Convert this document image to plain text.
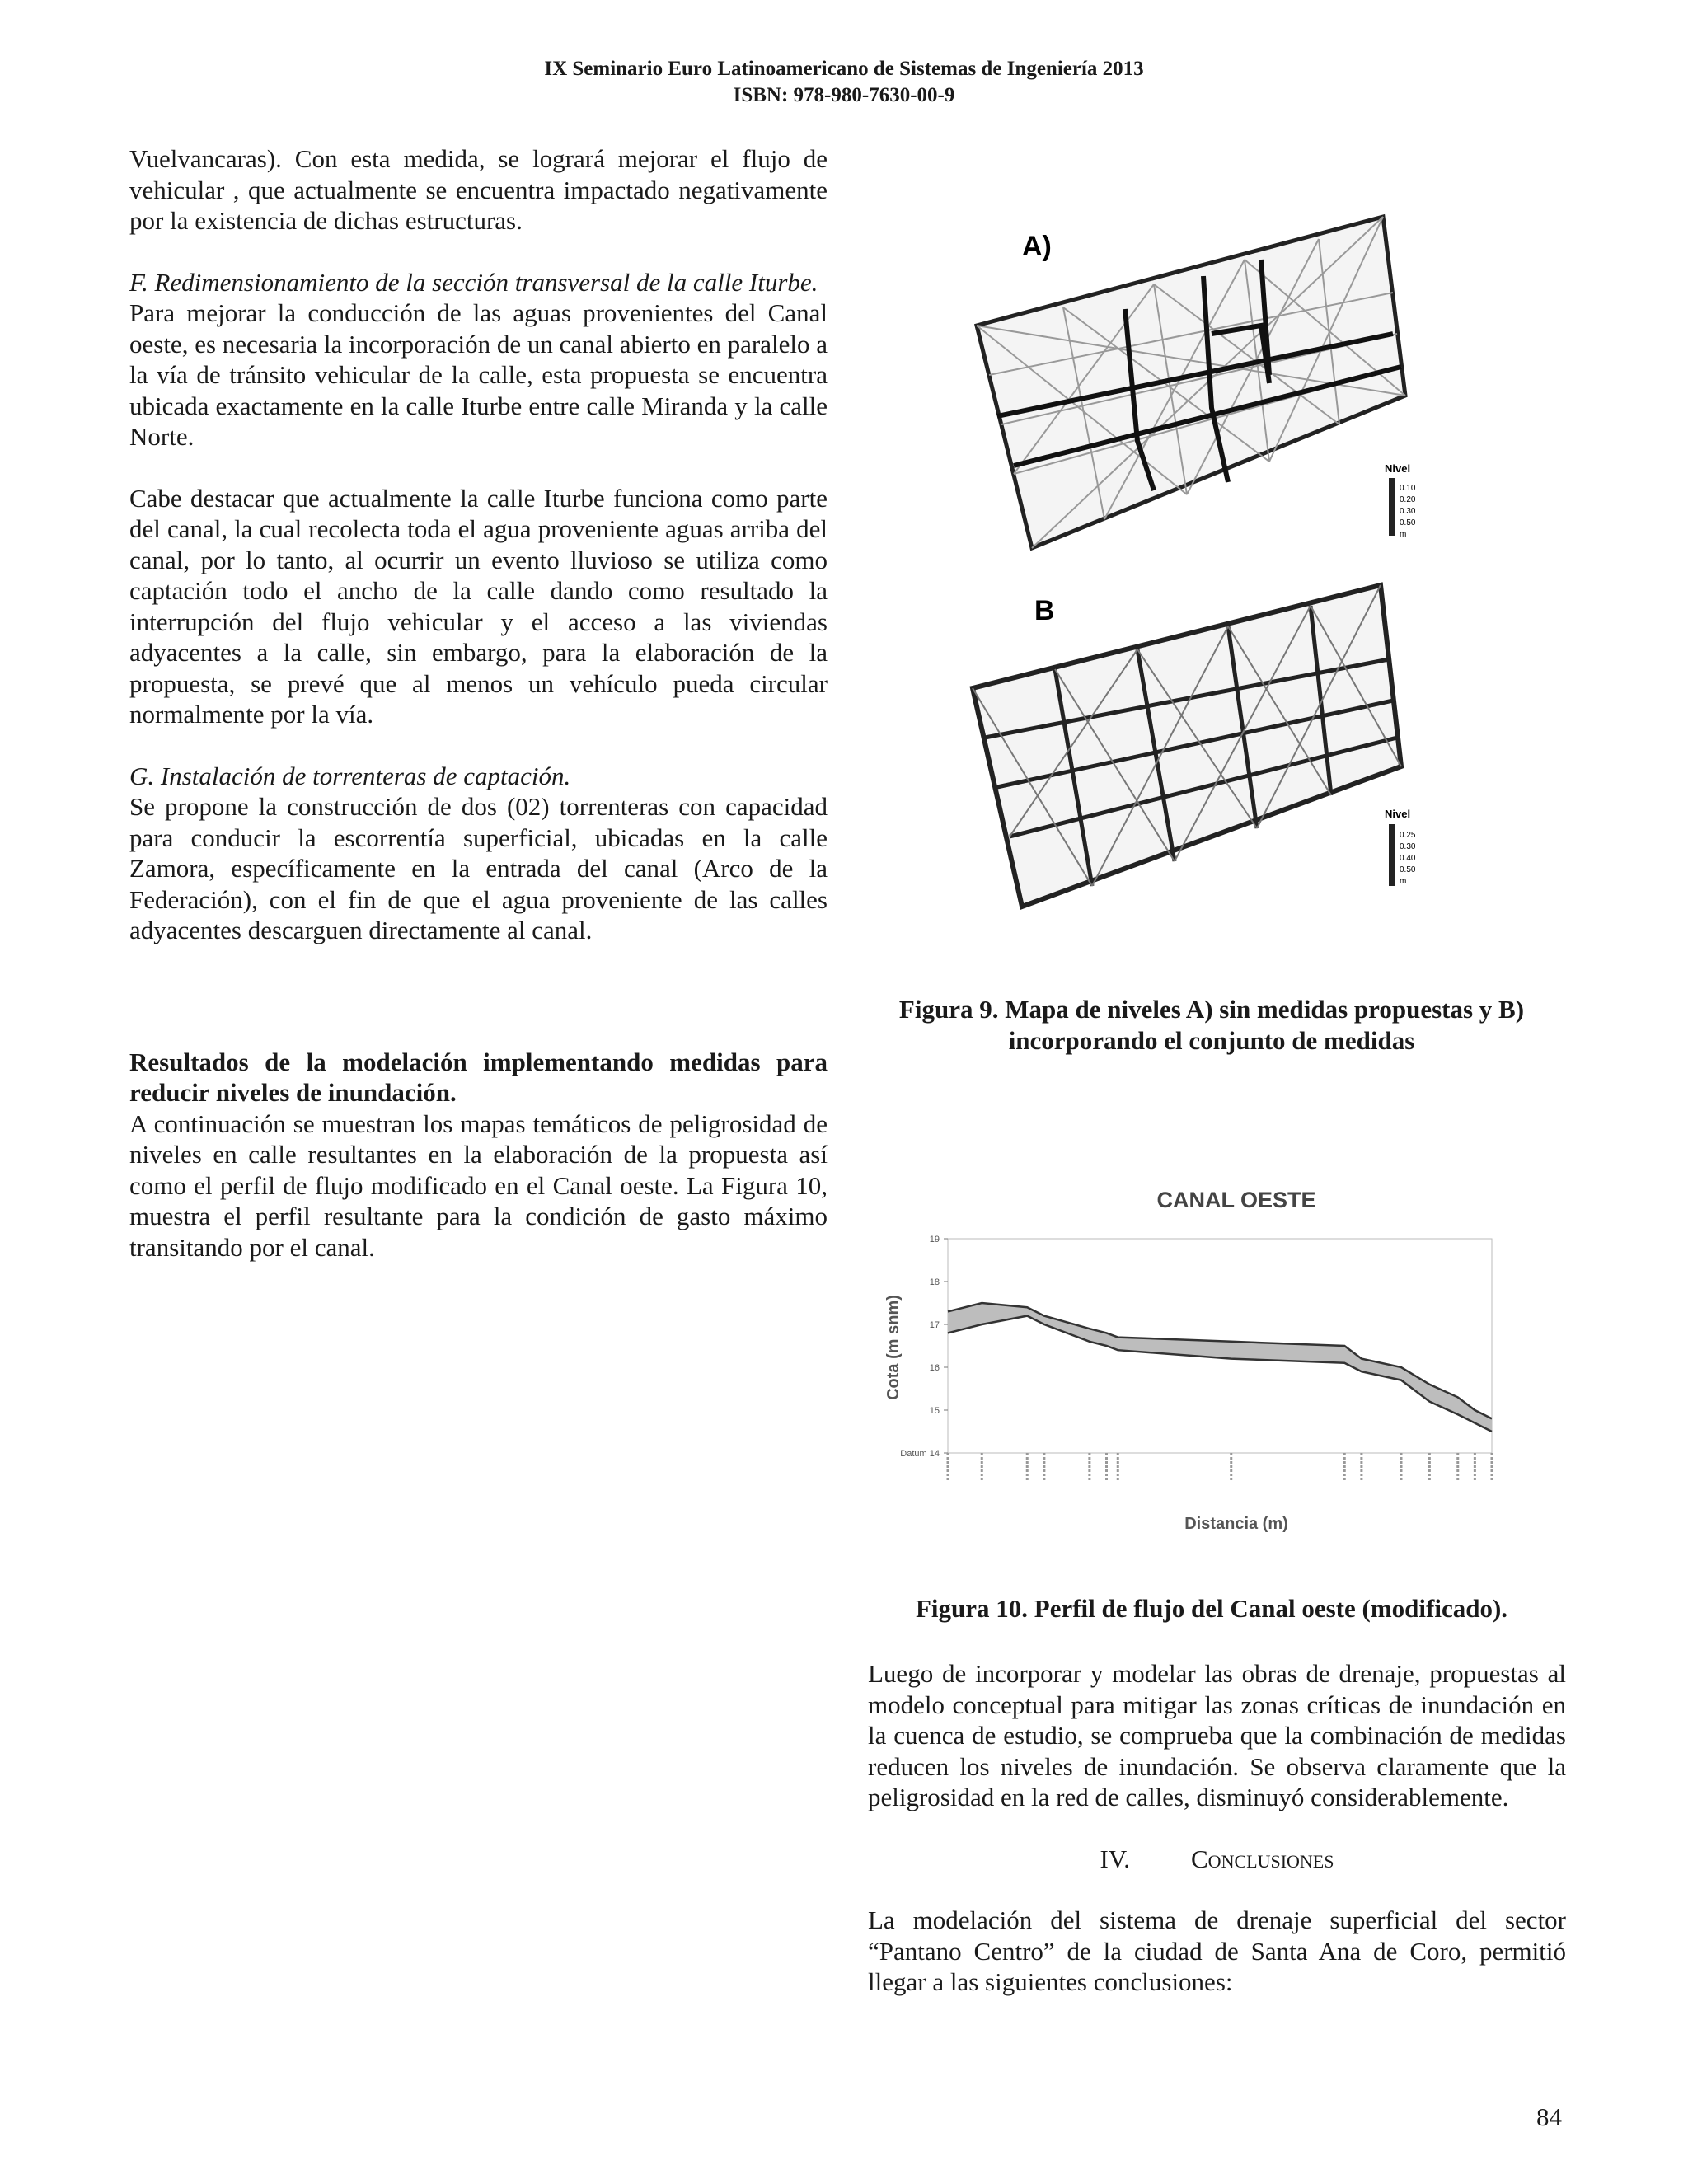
IX Seminario Euro Latinoamericano de Sistemas de Ingeniería 2013
ISBN: 978-980-7630-00-9

Vuelvancaras). Con esta medida, se logrará mejorar el flujo de vehicular , que actualmente se encuentra impactado negativamente por la existencia de dichas estructuras.

F. Redimensionamiento de la sección transversal de la calle Iturbe.

Para mejorar la conducción de las aguas provenientes del Canal oeste, es necesaria la incorporación de un canal abierto en paralelo a la vía de tránsito vehicular de la calle, esta propuesta se encuentra ubicada exactamente en la calle Iturbe entre calle Miranda y la calle Norte.

Cabe destacar que actualmente la calle Iturbe funciona como parte del canal, la cual recolecta toda el agua proveniente aguas arriba del canal, por lo tanto, al ocurrir un evento lluvioso se utiliza como captación todo el ancho de la calle dando como resultado la interrupción del flujo vehicular y el acceso a las viviendas adyacentes a la calle, sin embargo, para la elaboración de la propuesta, se prevé que al menos un vehículo pueda circular normalmente por la vía.

G. Instalación de torrenteras de captación.

Se propone la construcción de dos (02) torrenteras con capacidad para conducir la escorrentía superficial, ubicadas en la calle Zamora, específicamente en la entrada del canal (Arco de la Federación), con el fin de que el agua proveniente de las calles adyacentes descarguen directamente al canal.

Resultados de la modelación implementando medidas para reducir niveles de inundación.

A continuación se muestran los mapas temáticos de peligrosidad de niveles en calle resultantes en la elaboración de la propuesta así como el perfil de flujo modificado en el Canal oeste. La Figura 10, muestra el perfil resultante para la condición de gasto máximo transitando por el canal.

A)
Nivel
0.10
0.20
0.30
0.50
m
B
Nivel
0.25
0.30
0.40
0.50
m
Figura 9. Mapa de niveles A) sin medidas propuestas y B)
incorporando el conjunto de medidas
CANAL OESTE
19
18
17
16
15
Datum 14
Cota (m snm)
Distancia (m)
Figura 10. Perfil de flujo del Canal oeste (modificado).

Luego de incorporar y modelar las obras de drenaje, propuestas al modelo conceptual para mitigar las zonas críticas de inundación en la cuenca de estudio, se comprueba que la combinación de medidas reducen los niveles de inundación. Se observa claramente que la peligrosidad en la red de calles, disminuyó considerablemente.

IV. Conclusiones

La modelación del sistema de drenaje superficial del sector “Pantano Centro” de la ciudad de Santa Ana de Coro, permitió llegar a las siguientes conclusiones:

84
